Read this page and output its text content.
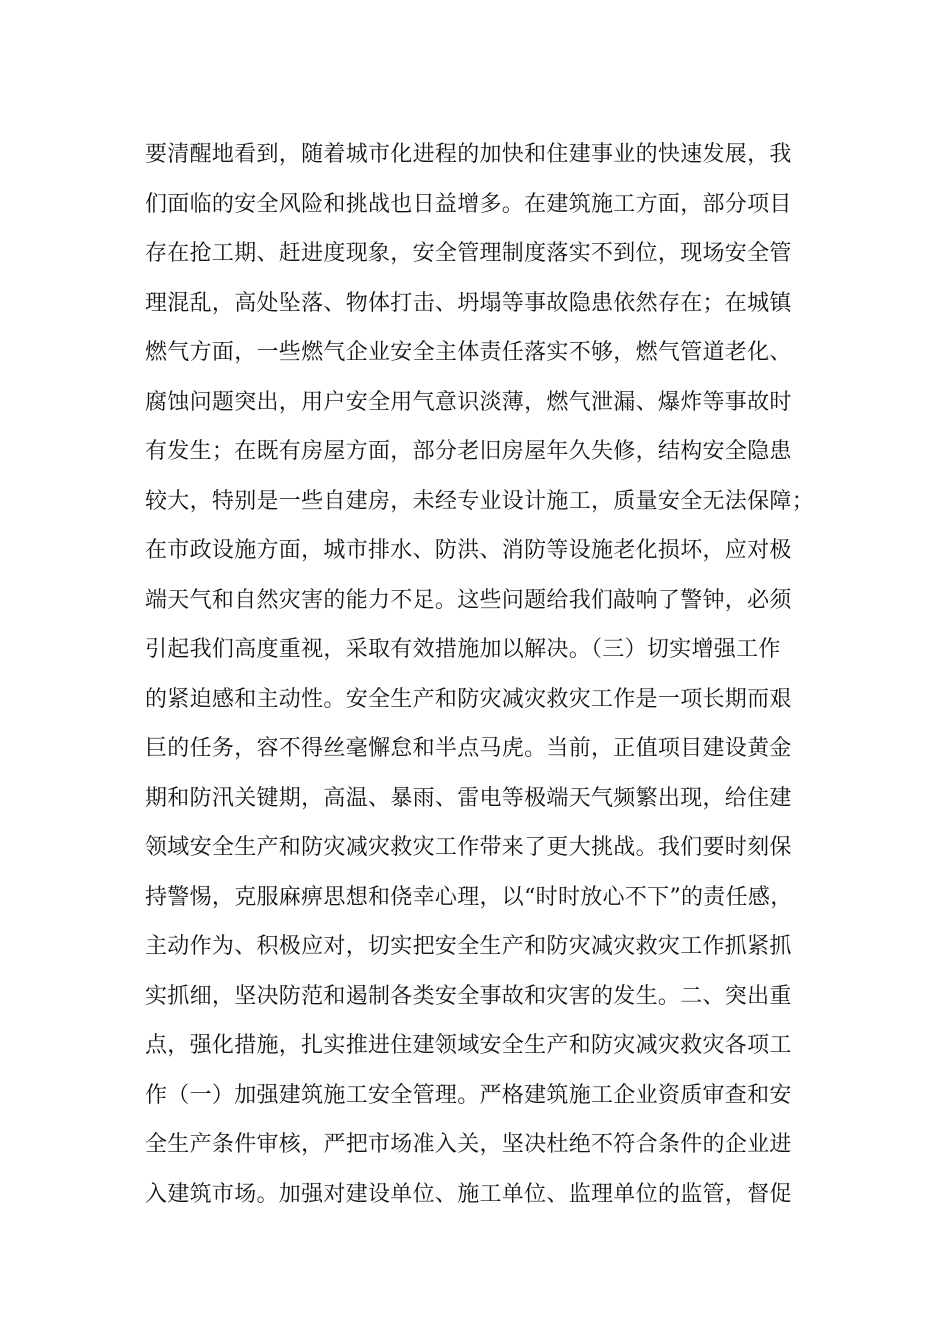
要清醒地看到，随着城市化进程的加快和住建事业的快速发展，我
们面临的安全风险和挑战也日益增多。在建筑施工方面，部分项目
存在抢工期、赶进度现象，安全管理制度落实不到位，现场安全管
理混乱，高处坠落、物体打击、坍塌等事故隐患依然存在；在城镇
燃气方面，一些燃气企业安全主体责任落实不够，燃气管道老化、
腐蚀问题突出，用户安全用气意识淡薄，燃气泄漏、爆炸等事故时
有发生；在既有房屋方面，部分老旧房屋年久失修，结构安全隐患
较大，特别是一些自建房，未经专业设计施工，质量安全无法保障；
在市政设施方面，城市排水、防洪、消防等设施老化损坏，应对极
端天气和自然灾害的能力不足。这些问题给我们敲响了警钟，必须
引起我们高度重视，采取有效措施加以解决。（三）切实增强工作
的紧迫感和主动性。安全生产和防灾减灾救灾工作是一项长期而艰
巨的任务，容不得丝毫懈怠和半点马虎。当前，正值项目建设黄金
期和防汛关键期，高温、暴雨、雷电等极端天气频繁出现，给住建
领域安全生产和防灾减灾救灾工作带来了更大挑战。我们要时刻保
持警惕，克服麻痹思想和侥幸心理，以“时时放心不下”的责任感，
主动作为、积极应对，切实把安全生产和防灾减灾救灾工作抓紧抓
实抓细，坚决防范和遏制各类安全事故和灾害的发生。二、突出重
点，强化措施，扎实推进住建领域安全生产和防灾减灾救灾各项工
作（一）加强建筑施工安全管理。严格建筑施工企业资质审查和安
全生产条件审核，严把市场准入关，坚决杜绝不符合条件的企业进
入建筑市场。加强对建设单位、施工单位、监理单位的监管，督促
